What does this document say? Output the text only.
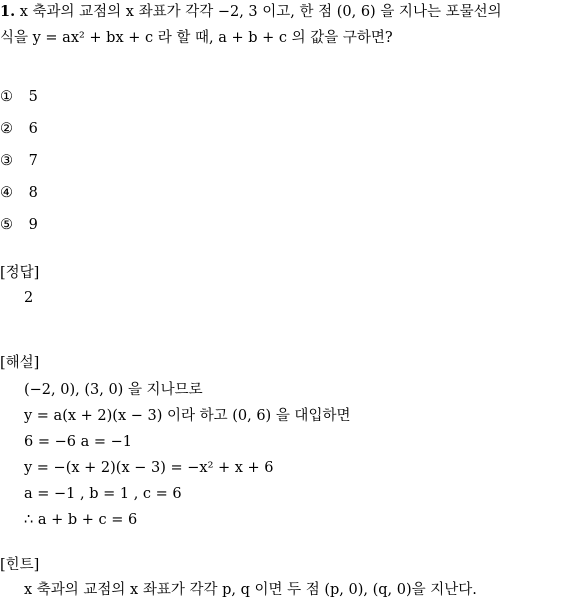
1. x 축과의 교점의 x 좌표가 각각 −2, 3 이고, 한 점 (0, 6) 을 지나는 포물선의
식을 y = ax² + bx + c 라 할 때, a + b + c 의 값을 구하면?
① 5
② 6
③ 7
④ 8
⑤ 9
[정답]
2
[해설]
(−2, 0), (3, 0) 을 지나므로
y = a(x + 2)(x − 3) 이라 하고 (0, 6) 을 대입하면
6 = −6 a = −1
y = −(x + 2)(x − 3) = −x² + x + 6
a = −1 , b = 1 , c = 6
∴ a + b + c = 6
[힌트]
x 축과의 교점의 x 좌표가 각각 p, q 이면 두 점 (p, 0), (q, 0)을 지난다.
